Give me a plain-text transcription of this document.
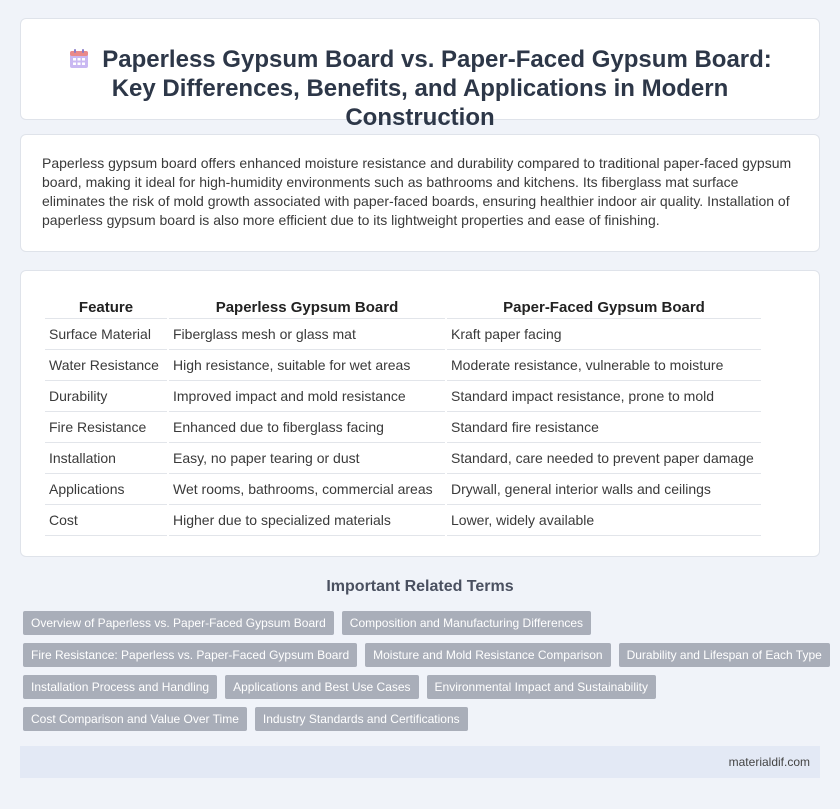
Paperless Gypsum Board vs. Paper-Faced Gypsum Board: Key Differences, Benefits, and Applications in Modern Construction

Paperless gypsum board offers enhanced moisture resistance and durability compared to traditional paper-faced gypsum board, making it ideal for high-humidity environments such as bathrooms and kitchens. Its fiberglass mat surface eliminates the risk of mold growth associated with paper-faced boards, ensuring healthier indoor air quality. Installation of paperless gypsum board is also more efficient due to its lightweight properties and ease of finishing.

Feature	Paperless Gypsum Board	Paper-Faced Gypsum Board
Surface Material	Fiberglass mesh or glass mat	Kraft paper facing
Water Resistance	High resistance, suitable for wet areas	Moderate resistance, vulnerable to moisture
Durability	Improved impact and mold resistance	Standard impact resistance, prone to mold
Fire Resistance	Enhanced due to fiberglass facing	Standard fire resistance
Installation	Easy, no paper tearing or dust	Standard, care needed to prevent paper damage
Applications	Wet rooms, bathrooms, commercial areas	Drywall, general interior walls and ceilings
Cost	Higher due to specialized materials	Lower, widely available
Important Related Terms
Overview of Paperless vs. Paper-Faced Gypsum Board	Composition and Manufacturing Differences
Fire Resistance: Paperless vs. Paper-Faced Gypsum Board	Moisture and Mold Resistance Comparison	Durability and Lifespan of Each Type
Installation Process and Handling	Applications and Best Use Cases	Environmental Impact and Sustainability
Cost Comparison and Value Over Time	Industry Standards and Certifications
materialdif.com
